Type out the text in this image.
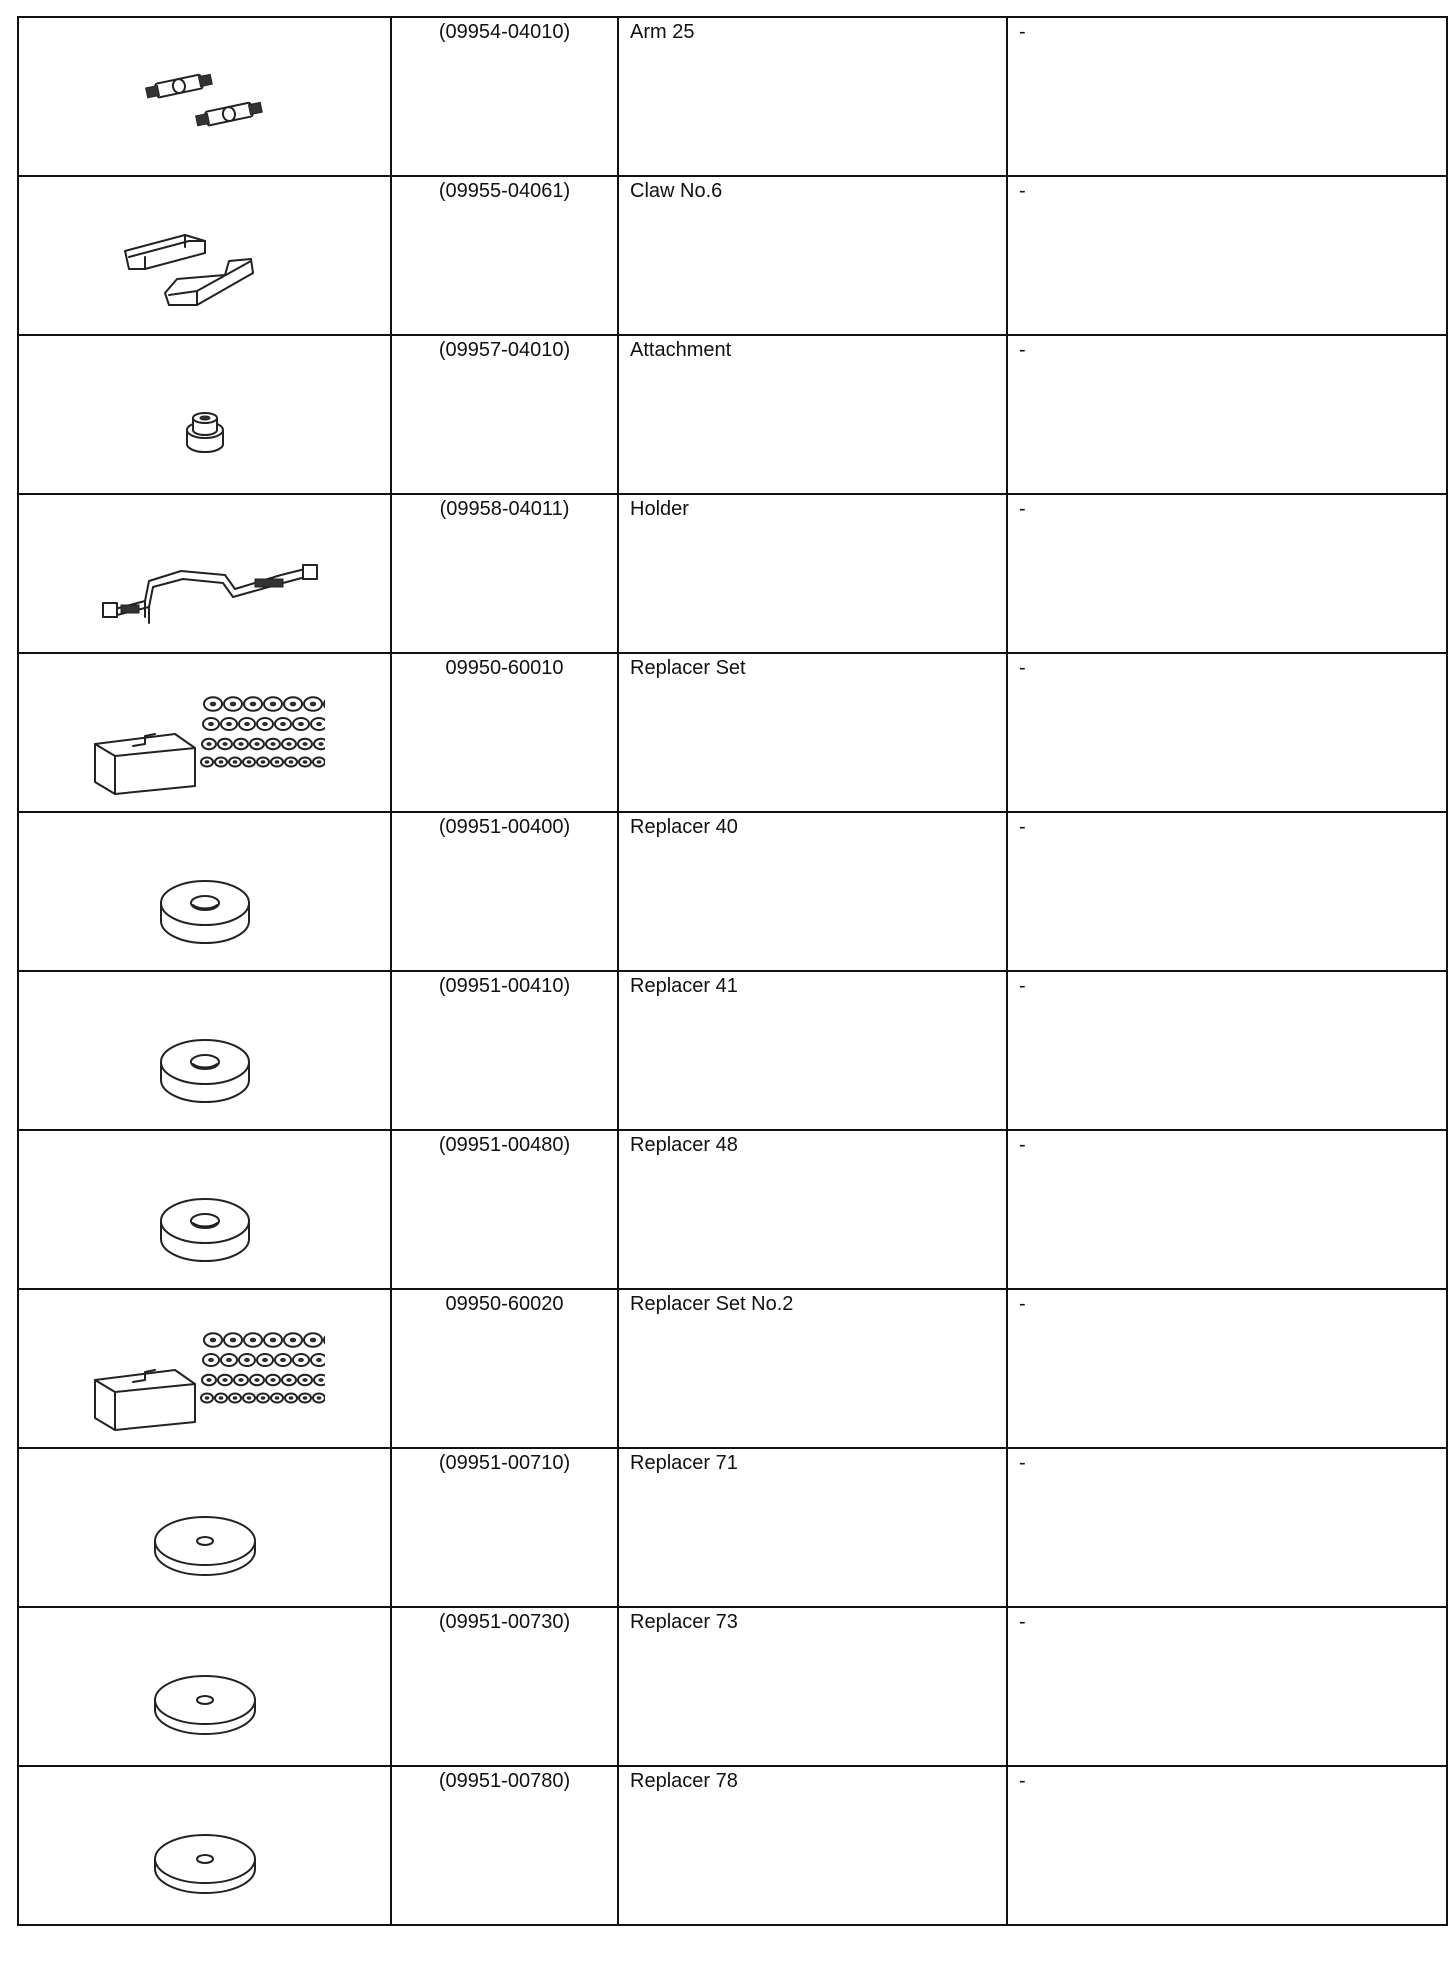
(09954-04010)	Arm 25	-

(09955-04061)	Claw No.6	-

(09957-04010)	Attachment	-

(09958-04011)	Holder	-

09950-60010	Replacer Set	-

(09951-00400)	Replacer 40	-

(09951-00410)	Replacer 41	-

(09951-00480)	Replacer 48	-

09950-60020	Replacer Set No.2	-

(09951-00710)	Replacer 71	-

(09951-00730)	Replacer 73	-

(09951-00780)	Replacer 78	-
